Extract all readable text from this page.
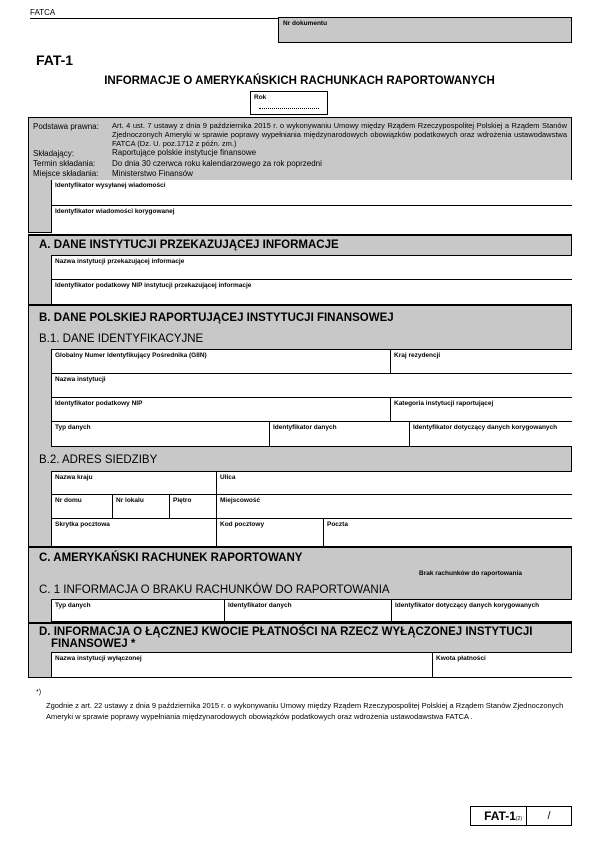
FATCA
Nr dokumentu
FAT-1
INFORMACJE O AMERYKAŃSKICH RACHUNKACH RAPORTOWANYCH
Rok
Podstawa prawna: Art. 4 ust. 7 ustawy z dnia 9 października 2015 r. o wykonywaniu Umowy między Rządem Rzeczypospolitej Polskiej a Rządem Stanów Zjednoczonych Ameryki w sprawie poprawy wypełniania międzynarodowych obowiązków podatkowych oraz wdrożenia ustawodawstwa FATCA (Dz. U. poz.1712 z późn. zm.)
Składający:	Raportujące polskie instytucje finansowe
Termin składania: Do dnia 30 czerwca roku kalendarzowego za rok poprzedni
Miejsce składania: Ministerstwo Finansów
Identyfikator wysyłanej wiadomości
Identyfikator wiadomości korygowanej
A. DANE INSTYTUCJI PRZEKAZUJĄCEJ INFORMACJE
Nazwa instytucji przekazującej informacje
Identyfikator podatkowy NIP instytucji przekazującej informacje
B. DANE POLSKIEJ RAPORTUJĄCEJ INSTYTUCJI FINANSOWEJ
B.1. DANE IDENTYFIKACYJNE
Globalny Numer Identyfikujący Pośrednika (GIIN)	Kraj rezydencji
Nazwa instytucji
Identyfikator podatkowy NIP	Kategoria instytucji raportującej
Typ danych	Identyfikator danych	Identyfikator dotyczący danych korygowanych
B.2. ADRES SIEDZIBY
Nazwa kraju	Ulica
Nr domu	Nr lokalu	Piętro	Miejscowość
Skrytka pocztowa	Kod pocztowy	Poczta
C. AMERYKAŃSKI RACHUNEK RAPORTOWANY
Brak rachunków do raportowania
C. 1 INFORMACJA O BRAKU RACHUNKÓW DO RAPORTOWANIA
Typ danych	Identyfikator danych	Identyfikator dotyczący danych korygowanych
D. INFORMACJA O ŁĄCZNEJ KWOCIE PŁATNOŚCI NA RZECZ WYŁĄCZONEJ INSTYTUCJI
FINANSOWEJ *
Nazwa instytucji wyłączonej	Kwota płatności
*)
Zgodnie z art. 22 ustawy z dnia 9 października 2015 r. o wykonywaniu Umowy między Rządem Rzeczypospolitej Polskiej a Rządem Stanów Zjednoczonych Ameryki w sprawie poprawy wypełniania międzynarodowych obowiązków podatkowych oraz wdrożenia ustawodawstwa FATCA .
FAT-1(2)	/
